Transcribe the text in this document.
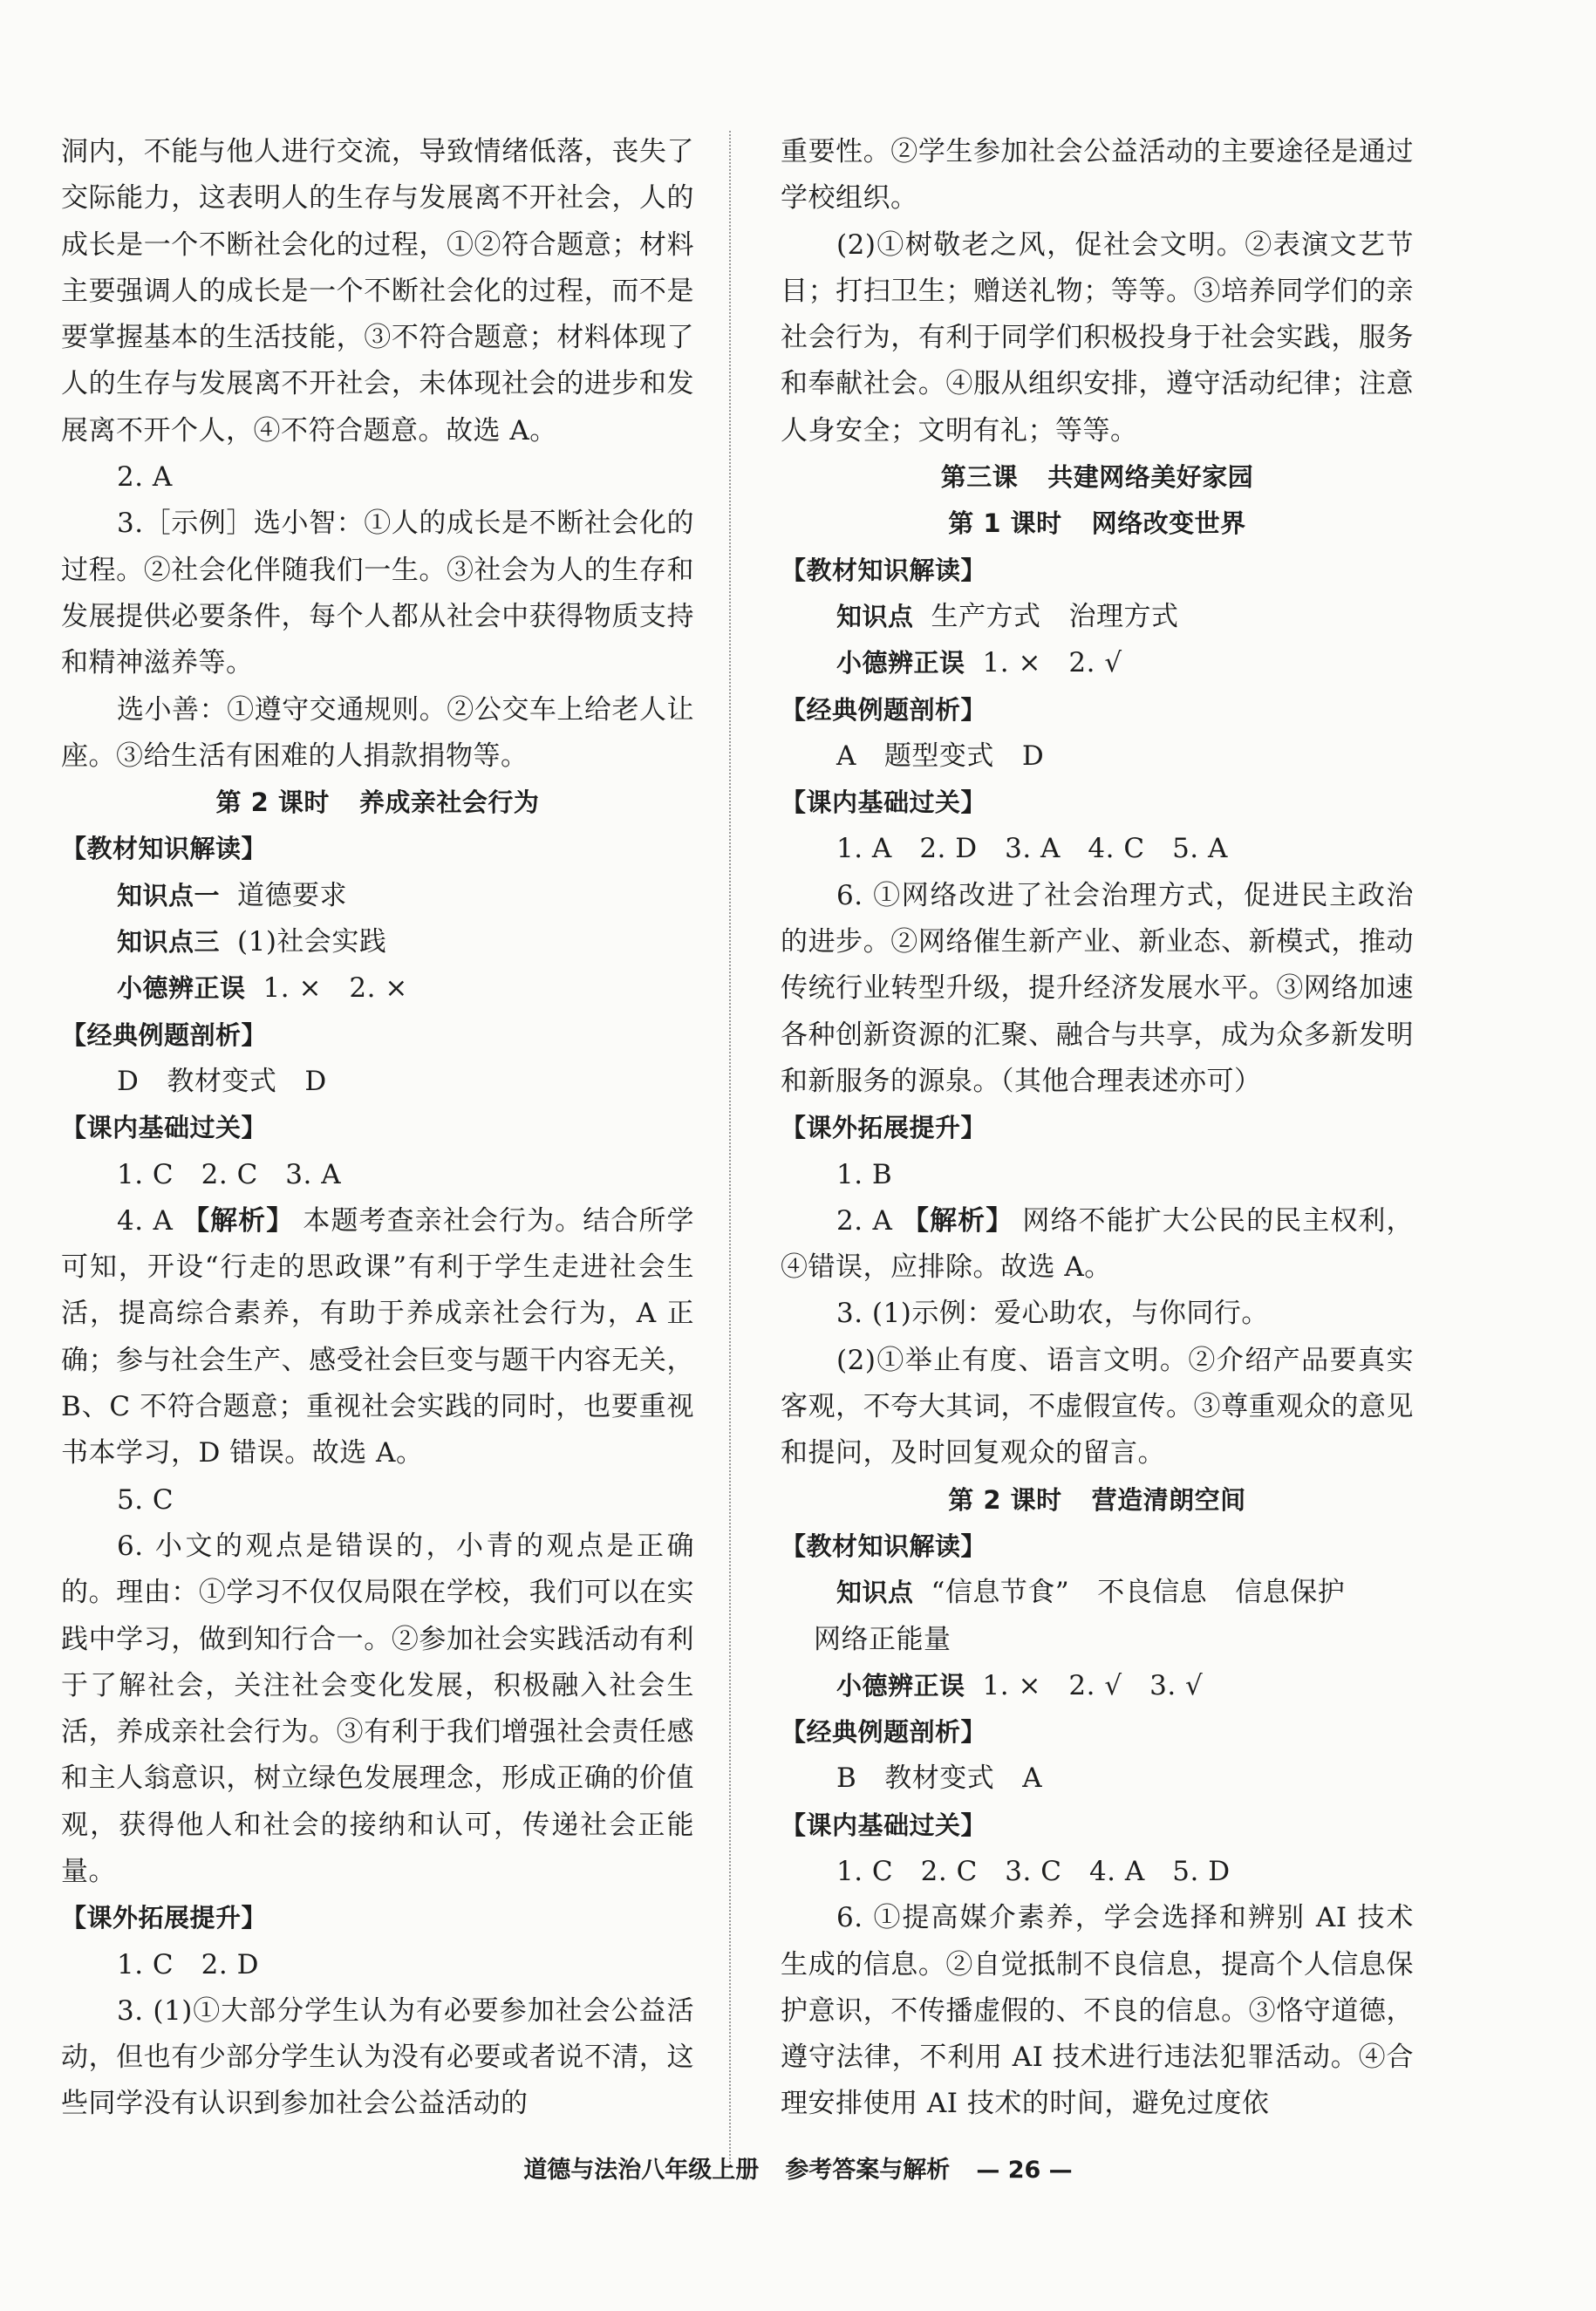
洞内，不能与他人进行交流，导致情绪低落，丧失了交际能力，这表明人的生存与发展离不开社会，人的成长是一个不断社会化的过程，①②符合题意；材料主要强调人的成长是一个不断社会化的过程，而不是要掌握基本的生活技能，③不符合题意；材料体现了人的生存与发展离不开社会，未体现社会的进步和发展离不开个人，④不符合题意。故选 A。

2. A

3.［示例］选小智：①人的成长是不断社会化的过程。②社会化伴随我们一生。③社会为人的生存和发展提供必要条件，每个人都从社会中获得物质支持和精神滋养等。

选小善：①遵守交通规则。②公交车上给老人让座。③给生活有困难的人捐款捐物等。

第 2 课时 养成亲社会行为

【教材知识解读】

知识点一 道德要求

知识点三 (1)社会实践

小德辨正误 1. ×　2. ×

【经典例题剖析】

D 教材变式 D

【课内基础过关】

1. C　2. C　3. A

4. A 【解析】 本题考查亲社会行为。结合所学可知，开设“行走的思政课”有利于学生走进社会生活，提高综合素养，有助于养成亲社会行为，A 正确；参与社会生产、感受社会巨变与题干内容无关，B、C 不符合题意；重视社会实践的同时，也要重视书本学习，D 错误。故选 A。

5. C

6. 小文的观点是错误的，小青的观点是正确的。理由：①学习不仅仅局限在学校，我们可以在实践中学习，做到知行合一。②参加社会实践活动有利于了解社会，关注社会变化发展，积极融入社会生活，养成亲社会行为。③有利于我们增强社会责任感和主人翁意识，树立绿色发展理念，形成正确的价值观，获得他人和社会的接纳和认可，传递社会正能量。

【课外拓展提升】

1. C　2. D

3. (1)①大部分学生认为有必要参加社会公益活动，但也有少部分学生认为没有必要或者说不清，这些同学没有认识到参加社会公益活动的

重要性。②学生参加社会公益活动的主要途径是通过学校组织。

(2)①树敬老之风，促社会文明。②表演文艺节目；打扫卫生；赠送礼物；等等。③培养同学们的亲社会行为，有利于同学们积极投身于社会实践，服务和奉献社会。④服从组织安排，遵守活动纪律；注意人身安全；文明有礼；等等。

第三课 共建网络美好家园

第 1 课时 网络改变世界

【教材知识解读】

知识点 生产方式 治理方式

小德辨正误 1. ×　2. √

【经典例题剖析】

A 题型变式 D

【课内基础过关】

1. A　2. D　3. A　4. C　5. A

6. ①网络改进了社会治理方式，促进民主政治的进步。②网络催生新产业、新业态、新模式，推动传统行业转型升级，提升经济发展水平。③网络加速各种创新资源的汇聚、融合与共享，成为众多新发明和新服务的源泉。（其他合理表述亦可）

【课外拓展提升】

1. B

2. A 【解析】 网络不能扩大公民的民主权利，④错误，应排除。故选 A。

3. (1)示例：爱心助农，与你同行。

(2)①举止有度、语言文明。②介绍产品要真实客观，不夸大其词，不虚假宣传。③尊重观众的意见和提问，及时回复观众的留言。

第 2 课时 营造清朗空间

【教材知识解读】

知识点 “信息节食” 不良信息 信息保护

网络正能量

小德辨正误 1. ×　2. √　3. √

【经典例题剖析】

B 教材变式 A

【课内基础过关】

1. C　2. C　3. C　4. A　5. D

6. ①提高媒介素养，学会选择和辨别 AI 技术生成的信息。②自觉抵制不良信息，提高个人信息保护意识，不传播虚假的、不良的信息。③恪守道德，遵守法律，不利用 AI 技术进行违法犯罪活动。④合理安排使用 AI 技术的时间，避免过度依

道德与法治八年级上册 参考答案与解析 — 26 —
